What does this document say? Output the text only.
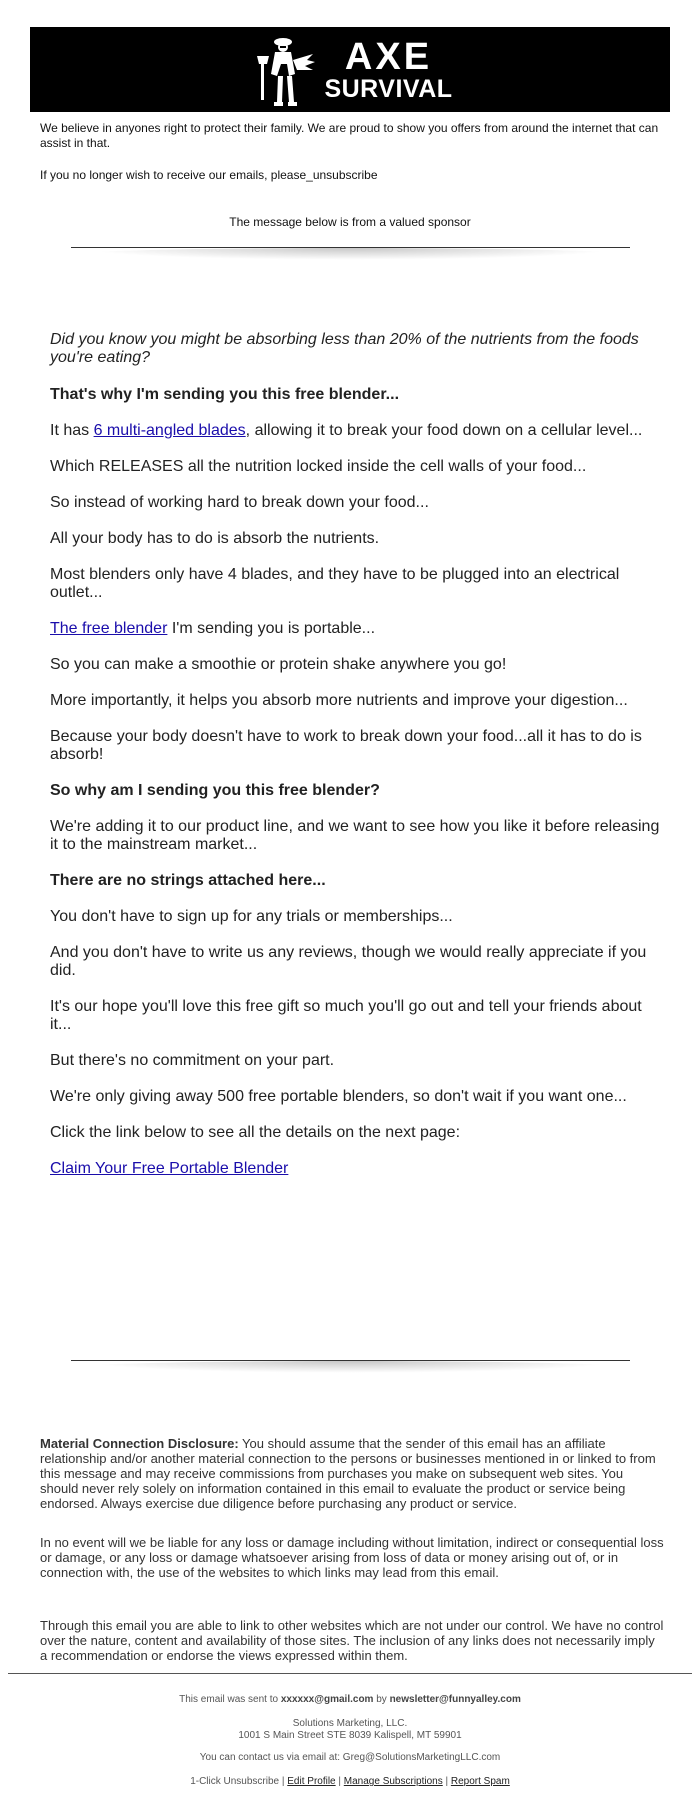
AXE
SURVIVAL
We believe in anyones right to protect their family. We are proud to show you offers from around the internet that can assist in that.
If you no longer wish to receive our emails, please_unsubscribe
The message below is from a valued sponsor

Did you know you might be absorbing less than 20% of the nutrients from the foods you're eating?

That's why I'm sending you this free blender...

It has 6 multi-angled blades, allowing it to break your food down on a cellular level...

Which RELEASES all the nutrition locked inside the cell walls of your food...

So instead of working hard to break down your food...

All your body has to do is absorb the nutrients.

Most blenders only have 4 blades, and they have to be plugged into an electrical outlet...

The free blender I'm sending you is portable...

So you can make a smoothie or protein shake anywhere you go!

More importantly, it helps you absorb more nutrients and improve your digestion...

Because your body doesn't have to work to break down your food...all it has to do is absorb!

So why am I sending you this free blender?

We're adding it to our product line, and we want to see how you like it before releasing it to the mainstream market...

There are no strings attached here...

You don't have to sign up for any trials or memberships...

And you don't have to write us any reviews, though we would really appreciate if you did.

It's our hope you'll love this free gift so much you'll go out and tell your friends about it...

But there's no commitment on your part.

We're only giving away 500 free portable blenders, so don't wait if you want one...

Click the link below to see all the details on the next page:

Claim Your Free Portable Blender

Material Connection Disclosure: You should assume that the sender of this email has an affiliate relationship and/or another material connection to the persons or businesses mentioned in or linked to from this message and may receive commissions from purchases you make on subsequent web sites. You should never rely solely on information contained in this email to evaluate the product or service being endorsed. Always exercise due diligence before purchasing any product or service.

In no event will we be liable for any loss or damage including without limitation, indirect or consequential loss or damage, or any loss or damage whatsoever arising from loss of data or money arising out of, or in connection with, the use of the websites to which links may lead from this email.

Through this email you are able to link to other websites which are not under our control. We have no control over the nature, content and availability of those sites. The inclusion of any links does not necessarily imply a recommendation or endorse the views expressed within them.

This email was sent to xxxxxx@gmail.com by newsletter@funnyalley.com
Solutions Marketing, LLC.
1001 S Main Street STE 8039 Kalispell, MT 59901
You can contact us via email at: Greg@SolutionsMarketingLLC.com
1-Click Unsubscribe | Edit Profile | Manage Subscriptions | Report Spam
